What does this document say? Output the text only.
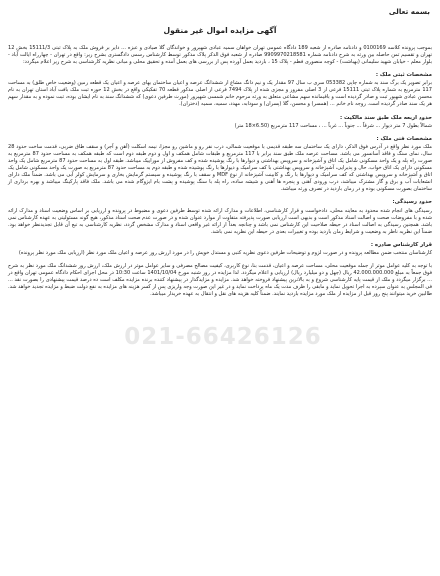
بسمه تعالی
آگهی مزایده اموال غیر منقول
بموجب پرونده کلاسه 0100169 و دادنامه صادره از شعبه 189 دادگاه عمومی تهران خواهان سمیه عبادی شهپرور و خواندگان گلا صیادی و عبزه ... دایر بر فروش ملک به پلاک ثبتی 15111/3 بخش 12 تهران و تقسیم ثمن حاصله بین ورثه به شرح دادنامه شماره 9909970218581 صادره از شعبه فوق الذکر پلاک مذکور توسط کارشناس رسمی دادگستری بشرح زیر: واقع در تهران - چهارراه ایالت آباد - بلوار معلم - خیابان شهید سلیمانی (بهباشت) - کوچه منصوری فطم - پلاک 15 ، بازدید بعمل آورده پس از بررسی های بعمل آمده و تحقیق محلی و مبانی نظریه کارشناسی به شرح زیر اعلام میگردد:
مشخصات ثبتی ملک :
برابر تصویر یک برگ سند به شماره چاپی 053382 سری ب سال 97 مقدار یک و نیم دانگ مشاع از ششدانگ عرصه و اعیان ساختمان بهای عرصه و اعیان یک قطعه زمین (وضعیت خاص طلق) به مساحت 117 مترمربع به شماره پلاک ثبتی 15111 فرعی از 3 اصلی مفروز و مجزی شده از پلاک 7494 فرعی از اصلی مذکور قطعه 70 تفکیکی واقع در بخش 12 حوزه ثبت ملک بافت آباد استان تهران به نام محسن عبادی شهپور ثبت و صادر گردیده است و باقیمانده سهم مشاعی متعلق به ورثه مرحوم خانم شمسی شهپرور (مورث طرفین دعوی) که ششدانگ سند به نام ایشان بوده، ثبت نموده و به مقدار سهم هر یک سند صادر گردیده است. زوجه نام خانم ... (همسر) و محسن، گلا (پسران) و سودابه، مهدد، سمیه، سمیه (دختران).
حدود اربعه ملک طبق سند مالکیت :
شمالاً بطول 7 متر دیوار ... شرقاً ... جنوباً ... غرباً ... ، مساحت 117 مترمربع (6.50×18 متر)
مشخصات فنی ملک :
ملک مورد نظر واقع در آدرس فوق الذکر، دارای یک ساختمان سه طبقه قدیمی با موقعیت شمالی، درب نفر رو و ماشین رو مجزا، نیمه اسکلت (آهن و آجر) و سقف طاق ضربی، قدمت ساخت حدود 28 سال، نمای سنگ و فاقد آسانسور می باشد. مساحت عرصه ملک طبق سند برابر با 117 مترمربع و طبقات شامل همکف و اول و دوم طبقه دوم است که طبقه همکف به مساحت حدود 87 مترمربع به صورت راه پله و یک واحد مسکونی شامل یک اتاق و آشپزخانه و سرویس بهداشتی و دیوارها با رنگ پوشیده شده و کف مفروش از موزاییک میباشد. طبقه اول به مساحت حدود 87 مترمربع شامل یک واحد مسکونی دارای یک اتاق خواب، حال و پذیرایی، آشپزخانه و سرویس بهداشتی با کف سرامیک و دیوارها با رنگ پوشیده شده و طبقه دوم به مساحت حدود 87 مترمربع به صورت یک واحد مسکونی شامل یک اتاق و آشپزخانه و سرویس بهداشتی که کف سرامیک و دیوارها با رنگ و کابینت آشپزخانه از نوع MDF و سقف با رنگ پوشیده و سیستم گرمایش بخاری و سرمایش کولر آبی می باشد. ضمناً ملک دارای انشعابات آب و برق و گاز مشترک میباشد، درب ورودی آهنی و پنجره ها آهنی و شیشه ساده، راه پله با سنگ پوشیده و پشت بام ایزوگام شده می باشد. ملک فاقد پارکینگ میباشد و بهره برداری از ساختمان بصورت مسکونی بوده و در زمان بازدید در تصرف ورثه میباشد.
حدود رسیدگی:
رسیدگی های انجام شده محدود به معاینه محلی، دادخواست و قرار کارشناسی، اطلاعات و مدارک ارائه شده توسط طرفین دعوی و مضبوط در پرونده و ارزیابی بر اساس وضعیت اسناد و مدارک ارائه شده و با مفروضات صحت و اصالت اسناد مذکور است و بدیهی است ارزیابی صورت پذیرفته متفاوت از موارد عنوان شده و در صورت عدم صحت اسناد مذکور، هیچ گونه مسئولیتی به عهده کارشناس نمی باشد. همچنین رسیدگی به اصالت اسناد در حیطه صلاحیت این کارشناس نمی باشد و چنانچه بعداً از ارائه غیر واقعی اسناد و مدارک مشخص گردد، نظریه کارشناسی به تبع آن قابل تجدیدنظر خواهد بود. ضمناً این نظریه ناظر به وضعیت و شرایط زمان بازدید بوده و تغییرات بعدی در حیطه این نظریه نمی باشد.
قرار کارشناس صادره :
کارشناسان منتخب ضمن مطالعه پرونده و در صورت لزوم و توضیحات طرفین دعوی نظریه کتبی و مستدل خویش را در مورد ارزش روز عرصه و اعیان ملک مورد نظر (ارزیابی ملک مورد نظر پرونده)
با توجه به کلیه عوامل موثر از جمله موقعیت محلی، مساحت عرصه و اعیان، قدمت بنا، نوع کاربری، کیفیت مصالح مصرفی و سایر عوامل موثر در ارزش ملک، ارزش روز ششدانگ ملک مورد نظر به شرح فوق جمعاً به مبلغ 42.000.000.000 ریال (چهل و دو میلیارد ریال) ارزیابی و اعلام میگردد. لذا مزایده در روز شنبه مورخ 1401/10/04 ساعت 10:30 در محل اجرای احکام دادگاه عمومی تهران واقع در ... برگزار میگردد و ملک از قیمت پایه کارشناسی شروع و به بالاترین پیشنهاد فروخته خواهد شد. مزایده و مزایدگذار در پیشنهاد کننده برنده مزایده مکلف است ده درصد قیمت پیشنهادی را بصورت نقد ... فی المجلس به عنوان سپرده به اجرا تحویل نماید و مابقی را ظرف مدت یک ماه پرداخت نماید و در غیر این صورت وجه واریزی پس از کسر هزینه های مزایده به نفع دولت ضبط و مزایده تجدید خواهد شد. طالبین خرید میتوانند پنج روز قبل از مزایده از ملک مورد مزایده بازدید نمایند. ضمناً کلیه هزینه های نقل و انتقال به عهده خریدار میباشد.
021-66426126
